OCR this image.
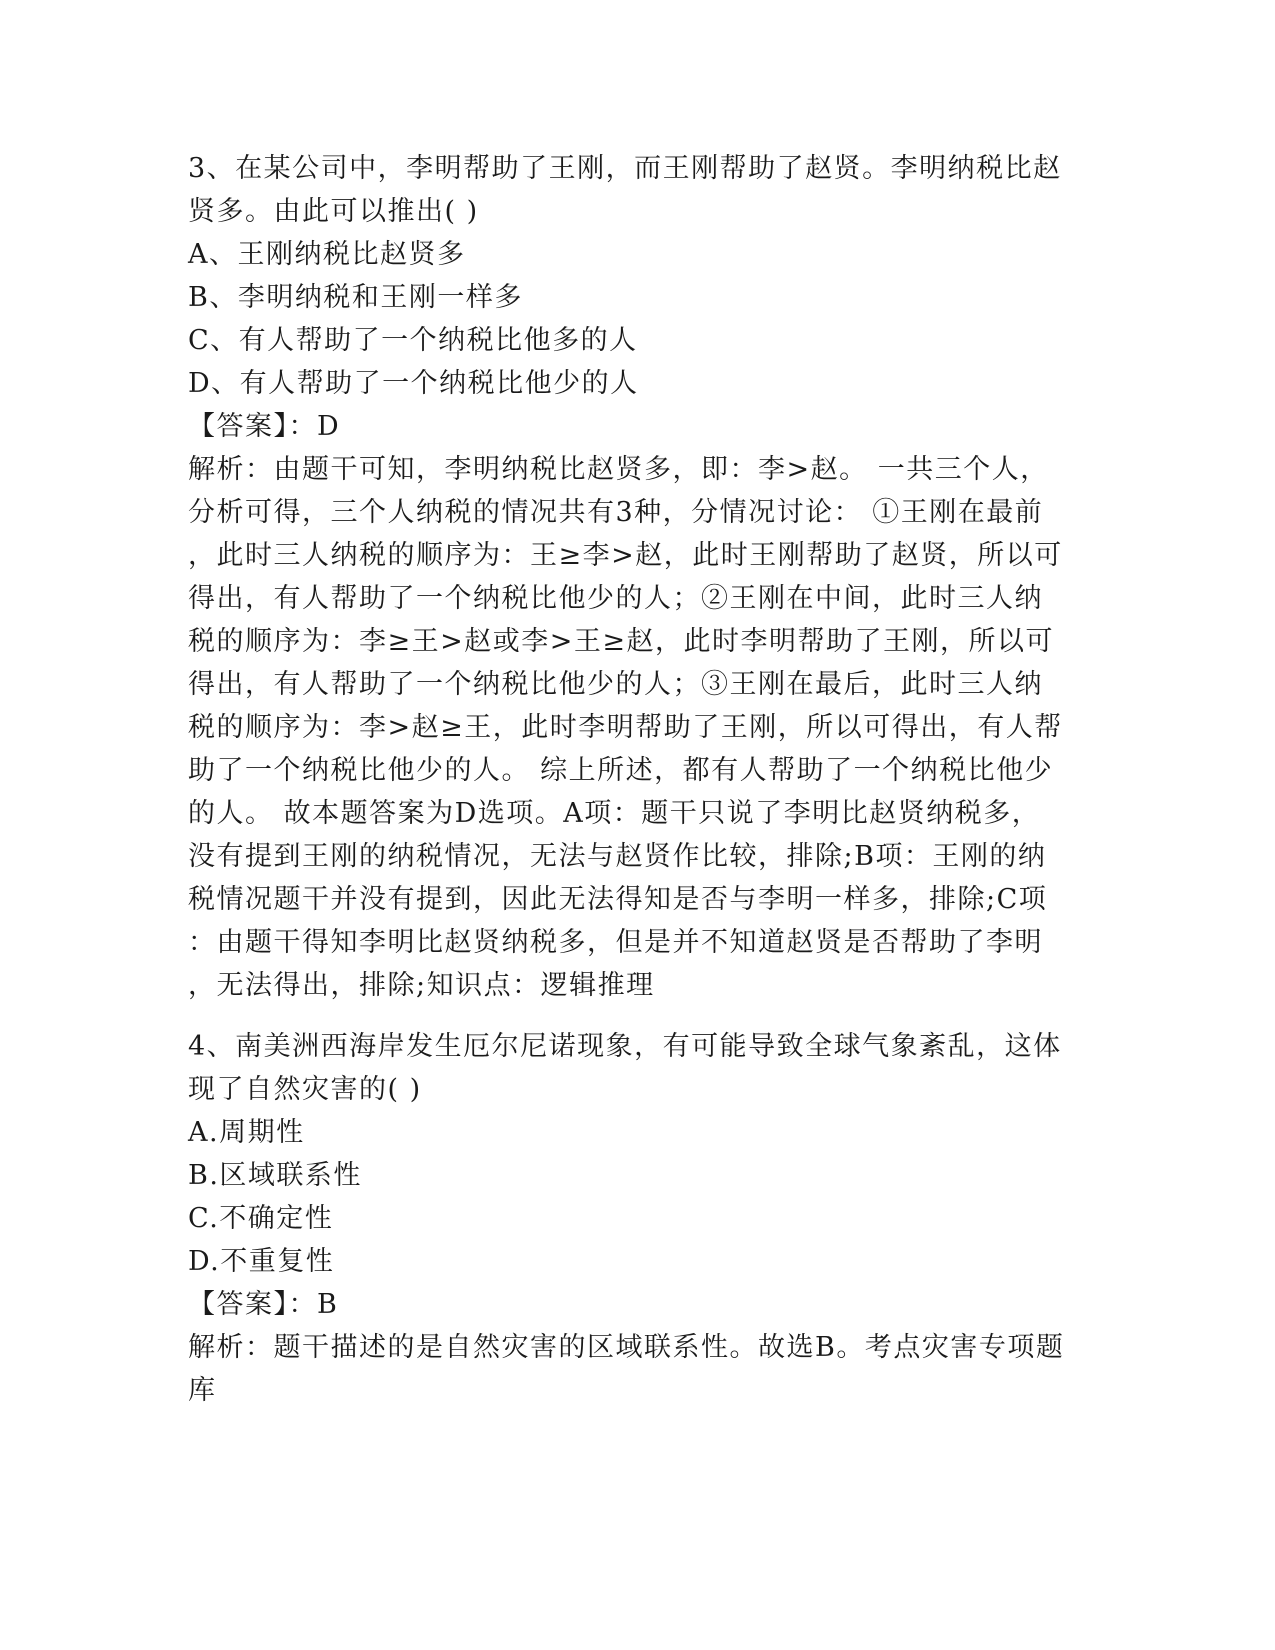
3、在某公司中，李明帮助了王刚，而王刚帮助了赵贤。李明纳税比赵
贤多。由此可以推出( )
A、王刚纳税比赵贤多
B、李明纳税和王刚一样多
C、有人帮助了一个纳税比他多的人
D、有人帮助了一个纳税比他少的人
【答案】：D
解析：由题干可知，李明纳税比赵贤多，即：李>赵。 一共三个人，
分析可得，三个人纳税的情况共有3种，分情况讨论： ①王刚在最前
，此时三人纳税的顺序为：王≥李>赵，此时王刚帮助了赵贤，所以可
得出，有人帮助了一个纳税比他少的人；②王刚在中间，此时三人纳
税的顺序为：李≥王>赵或李>王≥赵，此时李明帮助了王刚，所以可
得出，有人帮助了一个纳税比他少的人；③王刚在最后，此时三人纳
税的顺序为：李>赵≥王，此时李明帮助了王刚，所以可得出，有人帮
助了一个纳税比他少的人。 综上所述，都有人帮助了一个纳税比他少
的人。 故本题答案为D选项。A项：题干只说了李明比赵贤纳税多，
没有提到王刚的纳税情况，无法与赵贤作比较，排除;B项：王刚的纳
税情况题干并没有提到，因此无法得知是否与李明一样多，排除;C项
：由题干得知李明比赵贤纳税多，但是并不知道赵贤是否帮助了李明
，无法得出，排除;知识点：逻辑推理
4、南美洲西海岸发生厄尔尼诺现象，有可能导致全球气象紊乱，这体
现了自然灾害的( )
A.周期性
B.区域联系性
C.不确定性
D.不重复性
【答案】：B
解析：题干描述的是自然灾害的区域联系性。故选B。考点灾害专项题
库
